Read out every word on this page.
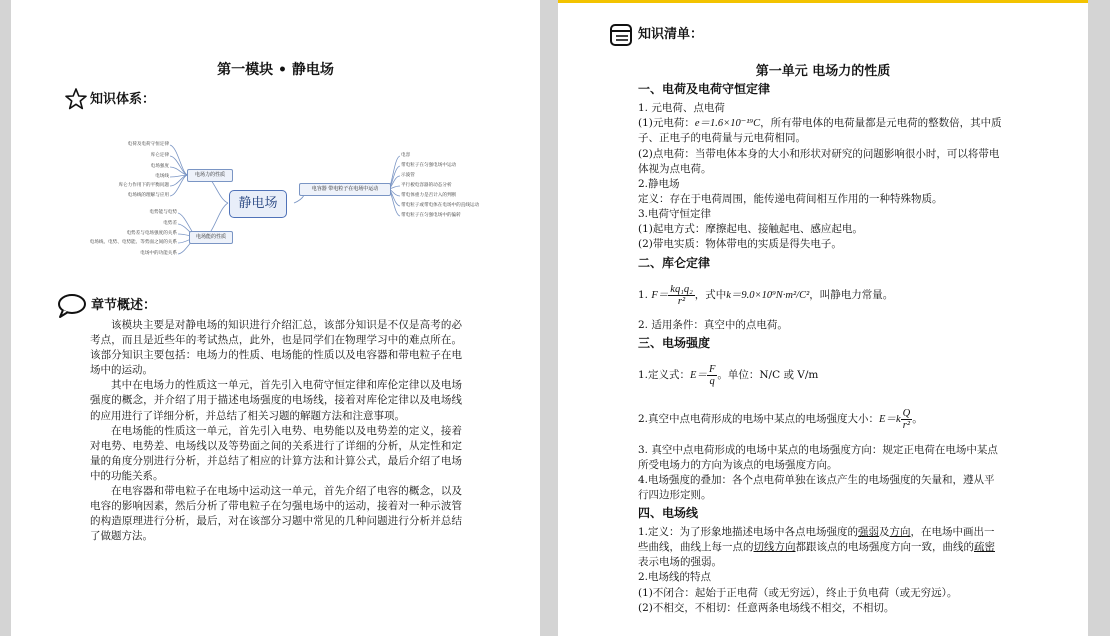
第一模块 • 静电场
知识体系：
静电场
电场力的性质
电场能的性质
电容器 带电粒子在电场中运动
电荷及电荷守恒定律
库仑定律
电场强度
电场线
库仑力作用下的平衡问题
电场线的理解与应用
电势能与电势
电势差
电势差与电场强度的关系
电场线、电势、电势能、等势面之间的关系
电场中的功能关系
电容
带电粒子在匀强电场中运动
示波管
平行板电容器的动态分析
带电体重力是否计入的判断
带电粒子或带电体在电场中的直线运动
带电粒子在匀强电场中的偏转
章节概述：

该模块主要是对静电场的知识进行介绍汇总，该部分知识是不仅是高考的必考点，而且是近些年的考试热点，此外，也是同学们在物理学习中的难点所在。该部分知识主要包括：电场力的性质、电场能的性质以及电容器和带电粒子在电场中的运动。

其中在电场力的性质这一单元，首先引入电荷守恒定律和库伦定律以及电场强度的概念，并介绍了用于描述电场强度的电场线，接着对库伦定律以及电场线的应用进行了详细分析，并总结了相关习题的解题方法和注意事项。

在电场能的性质这一单元，首先引入电势、电势能以及电势差的定义，接着对电势、电势差、电场线以及等势面之间的关系进行了详细的分析，从定性和定量的角度分别进行分析，并总结了相应的计算方法和计算公式，最后介绍了电场中的功能关系。

在电容器和带电粒子在电场中运动这一单元，首先介绍了电容的概念，以及电容的影响因素，然后分析了带电粒子在匀强电场中的运动，接着对一种示波管的构造原理进行分析，最后，对在该部分习题中常见的几种问题进行分析并总结了做题方法。

知识清单：
第一单元 电场力的性质
一、电荷及电荷守恒定律
1. 元电荷、点电荷
(1)元电荷：e＝1.6×10⁻¹⁹C，所有带电体的电荷量都是元电荷的整数倍，其中质
子、正电子的电荷量与元电荷相同。
(2)点电荷：当带电体本身的大小和形状对研究的问题影响很小时，可以将带电
体视为点电荷。
2.静电场
定义：存在于电荷周围，能传递电荷间相互作用的一种特殊物质。
3.电荷守恒定律
(1)起电方式：摩擦起电、接触起电、感应起电。
(2)带电实质：物体带电的实质是得失电子。
二、库仑定律
1. $F= \frac{\text{kq₁q₂}}{\text{r²}}$ ，式中k＝9.0×10⁹N·m²/C²，叫静电力常量。
2. 适用条件：真空中的点电荷。
三、电场强度
1.定义式：$E= \frac{F}{q}$ 。单位：N/C 或 V/m
2.真空中点电荷形成的电场中某点的电场强度大小：$E=k \frac{Q}{\text{r²}}$ 。
3. 真空中点电荷形成的电场中某点的电场强度方向：规定正电荷在电场中某点
所受电场力的方向为该点的电场强度方向。
4.电场强度的叠加：各个点电荷单独在该点产生的电场强度的矢量和，遵从平
行四边形定则。
四、电场线
1.定义：为了形象地描述电场中各点电场强度的强弱及方向，在电场中画出一
些曲线，曲线上每一点的切线方向都跟该点的电场强度方向一致，曲线的疏密
表示电场的强弱。
2.电场线的特点
(1)不闭合：起始于正电荷（或无穷远），终止于负电荷（或无穷远）。
(2)不相交，不相切：任意两条电场线不相交，不相切。
